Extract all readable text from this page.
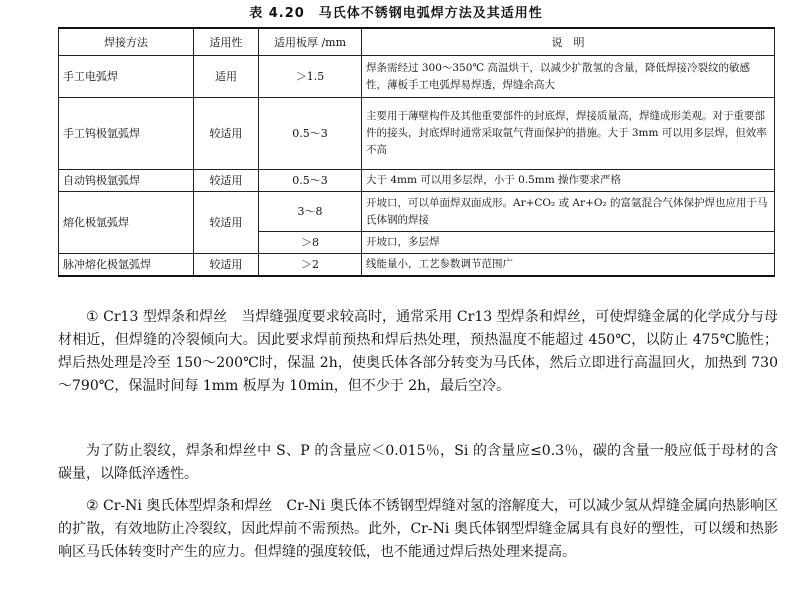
表 4.20　马氏体不锈钢电弧焊方法及其适用性
焊接方法	适用性	适用板厚 /mm	说　明
手工电弧焊	适用	＞1.5	焊条需经过 300～350℃ 高温烘干，以减少扩散氢的含量，降低焊接冷裂纹的敏感性，薄板手工电弧焊易焊透，焊缝余高大
手工钨极氩弧焊	较适用	0.5～3	主要用于薄壁构件及其他重要部件的封底焊，焊接质量高，焊缝成形美观。对于重要部件的接头，封底焊时通常采取氩气背面保护的措施。大于 3mm 可以用多层焊，但效率不高
自动钨极氩弧焊	较适用	0.5～3	大于 4mm 可以用多层焊，小于 0.5mm 操作要求严格
熔化极氩弧焊	较适用	3～8	开坡口，可以单面焊双面成形。Ar+CO₂ 或 Ar+O₂ 的富氩混合气体保护焊也应用于马氏体钢的焊接
		＞8	开坡口，多层焊
脉冲熔化极氩弧焊	较适用	＞2	线能量小，工艺参数调节范围广

① Cr13 型焊条和焊丝　当焊缝强度要求较高时，通常采用 Cr13 型焊条和焊丝，可使焊缝金属的化学成分与母材相近，但焊缝的冷裂倾向大。因此要求焊前预热和焊后热处理，预热温度不能超过 450℃，以防止 475℃脆性；焊后热处理是冷至 150～200℃时，保温 2h，使奥氏体各部分转变为马氏体，然后立即进行高温回火，加热到 730～790℃，保温时间每 1mm 板厚为 10min，但不少于 2h，最后空冷。

为了防止裂纹，焊条和焊丝中 S、P 的含量应＜0.015％，Si 的含量应≤0.3％，碳的含量一般应低于母材的含碳量，以降低淬透性。

② Cr-Ni 奥氏体型焊条和焊丝　Cr-Ni 奥氏体不锈钢型焊缝对氢的溶解度大，可以减少氢从焊缝金属向热影响区的扩散，有效地防止冷裂纹，因此焊前不需预热。此外，Cr-Ni 奥氏体钢型焊缝金属具有良好的塑性，可以缓和热影响区马氏体转变时产生的应力。但焊缝的强度较低，也不能通过焊后热处理来提高。
